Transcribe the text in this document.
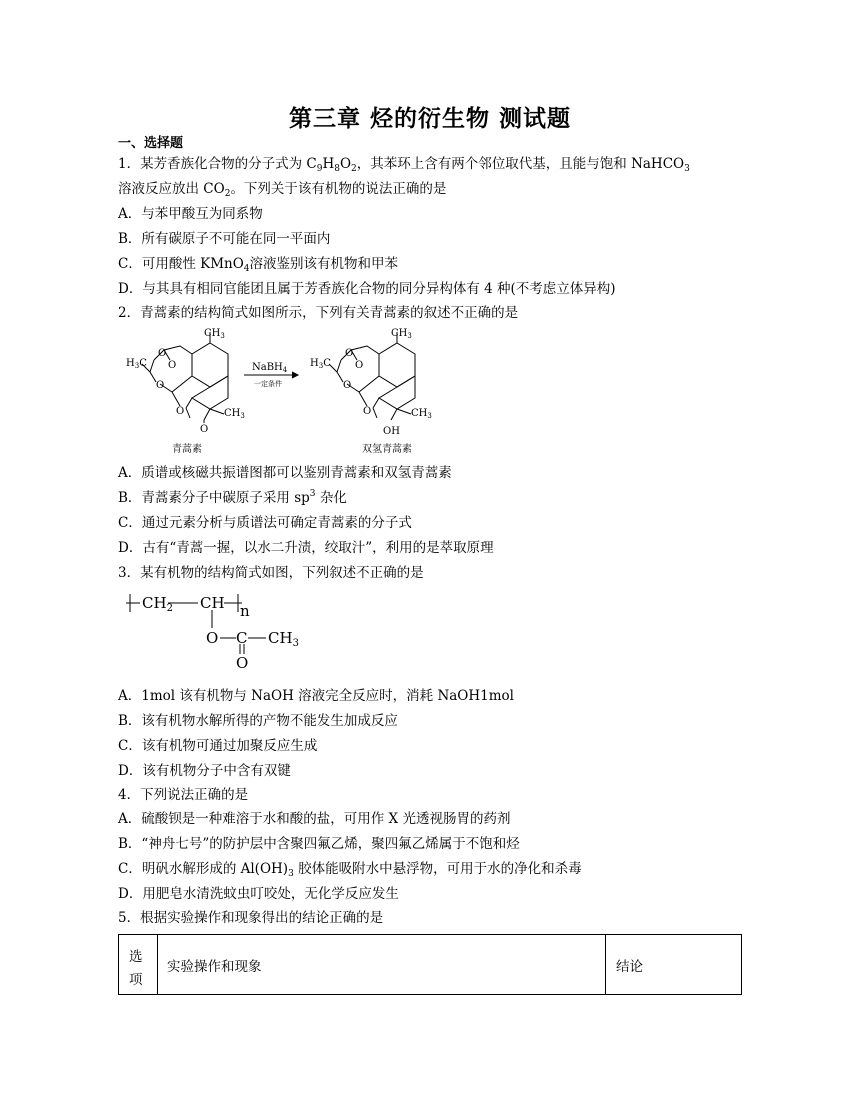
第三章 烃的衍生物 测试题
一、选择题
1．某芳香族化合物的分子式为 $C_9H_8O_2$，其苯环上含有两个邻位取代基，且能与饱和 NaHCO$_3$
溶液反应放出 $CO_2$。下列关于该有机物的说法正确的是
A．与苯甲酸互为同系物
B．所有碳原子不可能在同一平面内
C．可用酸性 KMnO$_4$溶液鉴别该有机物和甲苯
D．与其具有相同官能团且属于芳香族化合物的同分异构体有 4 种(不考虑立体异构)
2．青蒿素的结构简式如图所示，下列有关青蒿素的叙述不正确的是
$CH_3$
$H_3C$
O
O
O
O
O
$CH_3$
NaBH$_4$
一定条件
青蒿素
$CH_3$
$H_3C$
O
O
O
O
OH
$CH_3$
双氢青蒿素
A．质谱或核磁共振谱图都可以鉴别青蒿素和双氢青蒿素
B．青蒿素分子中碳原子采用 $sp^3$ 杂化
C．通过元素分析与质谱法可确定青蒿素的分子式
D．古有“青蒿一握，以水二升渍，绞取汁”，利用的是萃取原理
3．某有机物的结构简式如图，下列叙述不正确的是
$CH_2$ CH n
O C $CH_3$
O
A．1mol 该有机物与 NaOH 溶液完全反应时，消耗 NaOH1mol
B．该有机物水解所得的产物不能发生加成反应
C．该有机物可通过加聚反应生成
D．该有机物分子中含有双键
4．下列说法正确的是
A．硫酸钡是一种难溶于水和酸的盐，可用作 X 光透视肠胃的药剂
B．“神舟七号”的防护层中含聚四氟乙烯，聚四氟乙烯属于不饱和烃
C．明矾水解形成的 $Al(OH)_3$ 胶体能吸附水中悬浮物，可用于水的净化和杀毒
D．用肥皂水清洗蚊虫叮咬处，无化学反应发生
5．根据实验操作和现象得出的结论正确的是
选
项
实验操作和现象	结论
